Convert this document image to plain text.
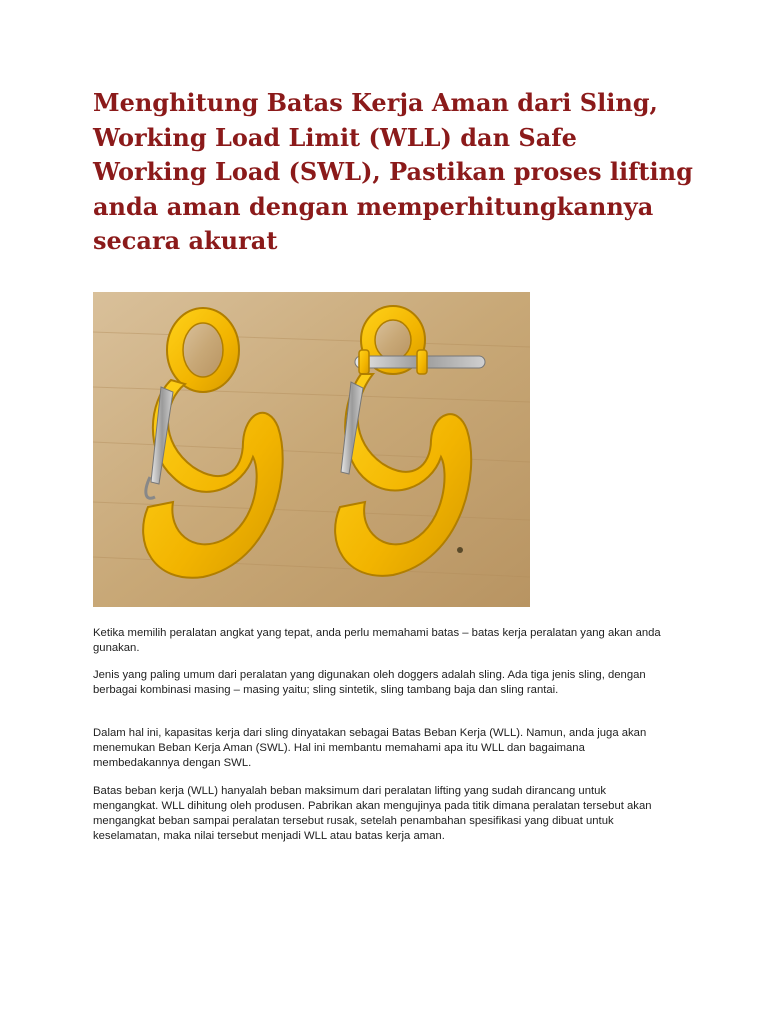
Menghitung Batas Kerja Aman dari Sling, Working Load Limit (WLL) dan Safe Working Load (SWL), Pastikan proses lifting anda aman dengan memperhitungkannya secara akurat

Ketika memilih peralatan angkat yang tepat, anda perlu memahami batas – batas kerja peralatan yang akan anda gunakan.

Jenis yang paling umum dari peralatan yang digunakan oleh doggers adalah sling. Ada tiga jenis sling, dengan berbagai kombinasi masing – masing yaitu; sling sintetik, sling tambang baja dan sling rantai.

Dalam hal ini, kapasitas kerja dari sling dinyatakan sebagai Batas Beban Kerja (WLL). Namun, anda juga akan menemukan Beban Kerja Aman (SWL). Hal ini membantu memahami apa itu WLL dan bagaimana membedakannya dengan SWL.

Batas beban kerja (WLL) hanyalah beban maksimum dari peralatan lifting yang sudah dirancang untuk mengangkat. WLL dihitung oleh produsen. Pabrikan akan mengujinya pada titik dimana peralatan tersebut akan mengangkat beban sampai peralatan tersebut rusak, setelah penambahan spesifikasi yang dibuat untuk keselamatan, maka nilai tersebut menjadi WLL atau batas kerja aman.
